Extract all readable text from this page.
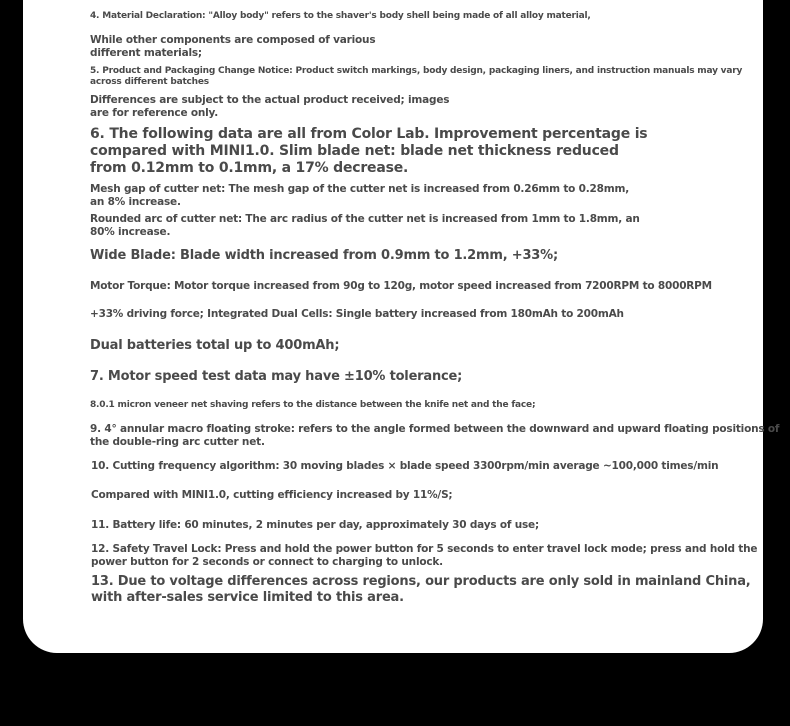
4. Material Declaration: "Alloy body" refers to the shaver's body shell being made of all alloy material,

While other components are composed of various

different materials;

5. Product and Packaging Change Notice: Product switch markings, body design, packaging liners, and instruction manuals may vary

across different batches

Differences are subject to the actual product received; images

are for reference only.

6. The following data are all from Color Lab. Improvement percentage is

compared with MINI1.0. Slim blade net: blade net thickness reduced

from 0.12mm to 0.1mm, a 17% decrease.

Mesh gap of cutter net: The mesh gap of the cutter net is increased from 0.26mm to 0.28mm,

an 8% increase.

Rounded arc of cutter net: The arc radius of the cutter net is increased from 1mm to 1.8mm, an

80% increase.

Wide Blade: Blade width increased from 0.9mm to 1.2mm, +33%;

Motor Torque: Motor torque increased from 90g to 120g, motor speed increased from 7200RPM to 8000RPM

+33% driving force; Integrated Dual Cells: Single battery increased from 180mAh to 200mAh

Dual batteries total up to 400mAh;

7. Motor speed test data may have ±10% tolerance;

8.0.1 micron veneer net shaving refers to the distance between the knife net and the face;

9. 4° annular macro floating stroke: refers to the angle formed between the downward and upward floating positions of

the double-ring arc cutter net.

10. Cutting frequency algorithm: 30 moving blades × blade speed 3300rpm/min average ~100,000 times/min

Compared with MINI1.0, cutting efficiency increased by 11%/S;

11. Battery life: 60 minutes, 2 minutes per day, approximately 30 days of use;

12. Safety Travel Lock: Press and hold the power button for 5 seconds to enter travel lock mode; press and hold the

power button for 2 seconds or connect to charging to unlock.

13. Due to voltage differences across regions, our products are only sold in mainland China,

with after-sales service limited to this area.
